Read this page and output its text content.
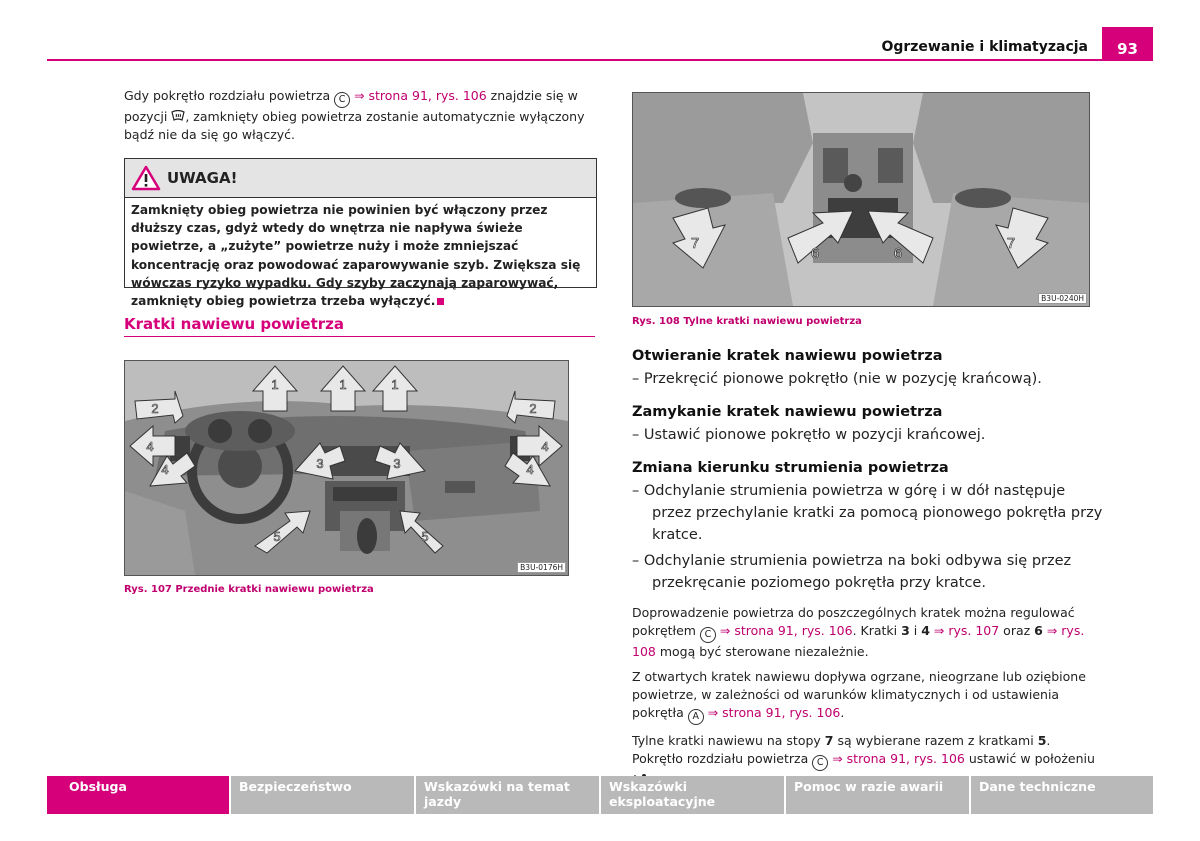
Ogrzewanie i klimatyzacja	93

Gdy pokrętło rozdziału powietrza C ⇒ strona 91, rys. 106 znajdzie się w pozycji , zamknięty obieg powietrza zostanie automatycznie wyłączony bądź nie da się go włączyć.

UWAGA!
Zamknięty obieg powietrza nie powinien być włączony przez dłuższy czas, gdyż wtedy do wnętrza nie napływa świeże powietrze, a „zużyte” powietrze nuży i może zmniejszać koncentrację oraz powodować zaparowywanie szyb. Zwiększa się wówczas ryzyko wypadku. Gdy szyby zaczynają zaparowywać, zamknięty obieg powietrza trzeba wyłączyć.
Kratki nawiewu powietrza
1	1	1
2	2
3	3
4	4
4	4
5	5
B3U-0176H
Rys. 107 Przednie kratki nawiewu powietrza
7
6	6
7
B3U-0240H
Rys. 108 Tylne kratki nawiewu powietrza

Otwieranie kratek nawiewu powietrza

– Przekręcić pionowe pokrętło (nie w pozycję krańcową).

Zamykanie kratek nawiewu powietrza

– Ustawić pionowe pokrętło w pozycji krańcowej.

Zmiana kierunku strumienia powietrza

– Odchylanie strumienia powietrza w górę i w dół następuje przez przechylanie kratki za pomocą pionowego pokrętła przy kratce.

– Odchylanie strumienia powietrza na boki odbywa się przez przekręcanie poziomego pokrętła przy kratce.

Doprowadzenie powietrza do poszczególnych kratek można regulować pokrętłem C ⇒ strona 91, rys. 106. Kratki 3 i 4 ⇒ rys. 107 oraz 6 ⇒ rys. 108 mogą być sterowane niezależnie.

Z otwartych kratek nawiewu dopływa ogrzane, nieogrzane lub oziębione powietrze, w zależności od warunków klimatycznych i od ustawienia pokrętła A ⇒ strona 91, rys. 106.

Tylne kratki nawiewu na stopy 7 są wybierane razem z kratkami 5. Pokrętło rozdziału powietrza C ⇒ strona 91, rys. 106 ustawić w położeniu

Obsługa	Bezpieczeństwo	Wskazówki na temat jazdy
Wskazówki eksploatacyjne
Pomoc w razie awarii	Dane techniczne
